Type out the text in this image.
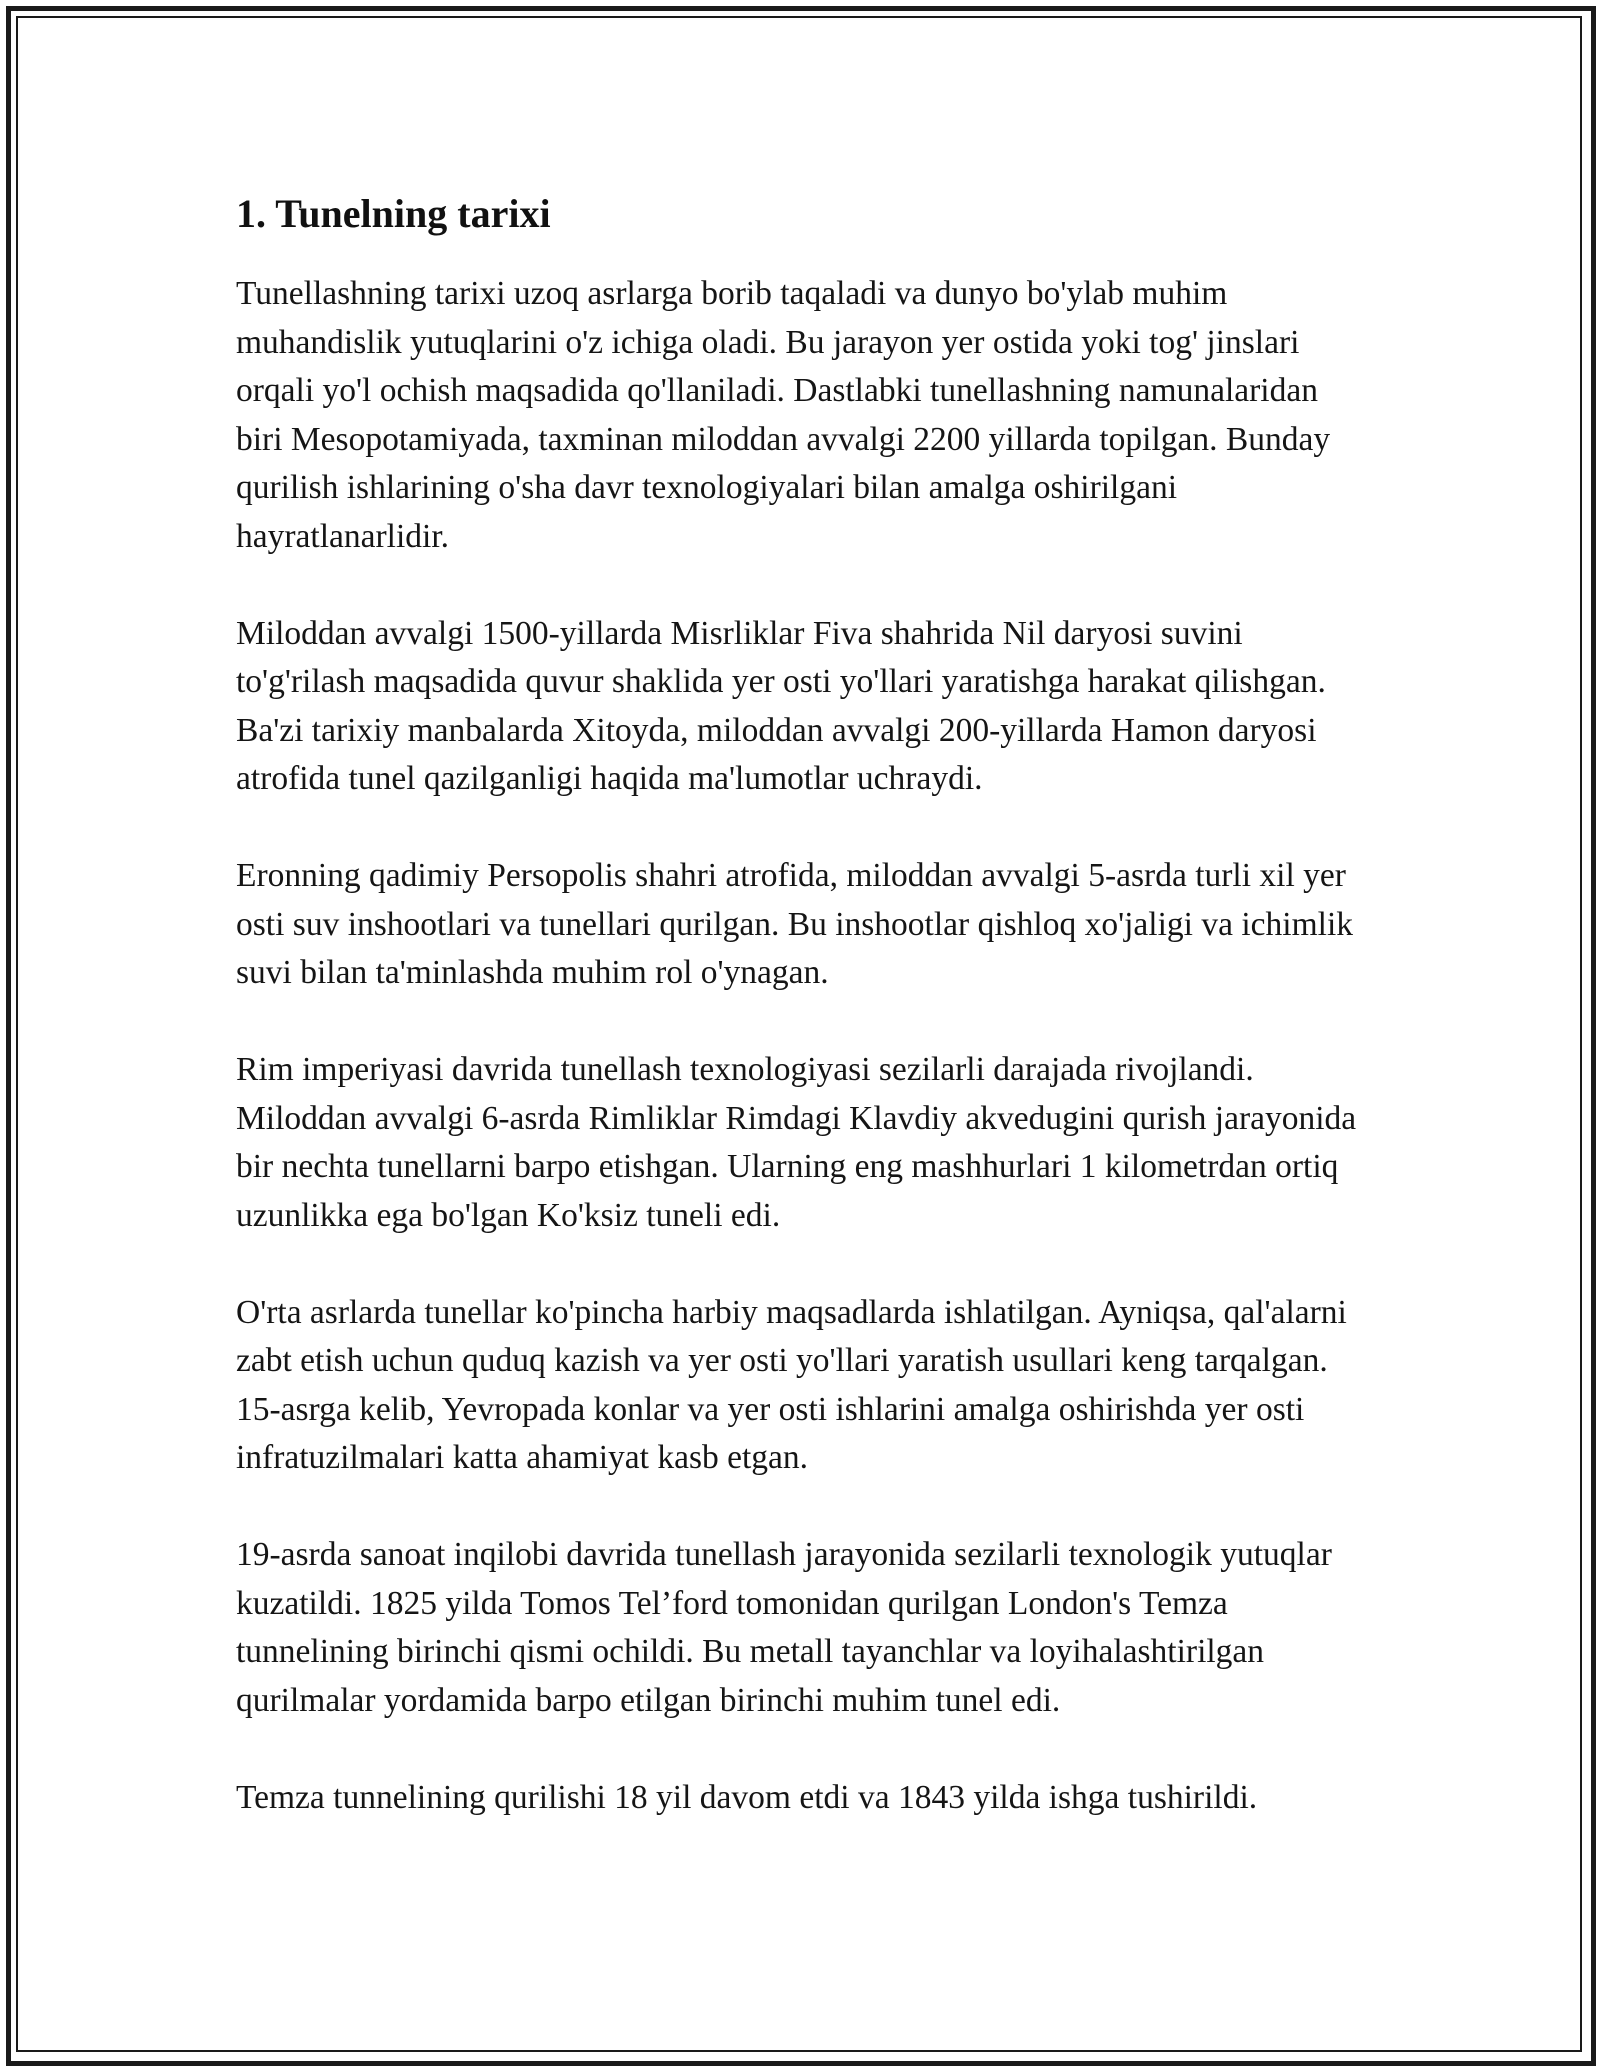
1. Tunelning tarixi

Tunellashning tarixi uzoq asrlarga borib taqaladi va dunyo bo'ylab muhim muhandislik yutuqlarini o'z ichiga oladi. Bu jarayon yer ostida yoki tog' jinslari orqali yo'l ochish maqsadida qo'llaniladi. Dastlabki tunellashning namunalaridan biri Mesopotamiyada, taxminan miloddan avvalgi 2200 yillarda topilgan. Bunday qurilish ishlarining o'sha davr texnologiyalari bilan amalga oshirilgani hayratlanarlidir.

Miloddan avvalgi 1500-yillarda Misrliklar Fiva shahrida Nil daryosi suvini to'g'rilash maqsadida quvur shaklida yer osti yo'llari yaratishga harakat qilishgan. Ba'zi tarixiy manbalarda Xitoyda, miloddan avvalgi 200-yillarda Hamon daryosi atrofida tunel qazilganligi haqida ma'lumotlar uchraydi.

Eronning qadimiy Persopolis shahri atrofida, miloddan avvalgi 5-asrda turli xil yer osti suv inshootlari va tunellari qurilgan. Bu inshootlar qishloq xo'jaligi va ichimlik suvi bilan ta'minlashda muhim rol o'ynagan.

Rim imperiyasi davrida tunellash texnologiyasi sezilarli darajada rivojlandi. Miloddan avvalgi 6-asrda Rimliklar Rimdagi Klavdiy akvedugini qurish jarayonida bir nechta tunellarni barpo etishgan. Ularning eng mashhurlari 1 kilometrdan ortiq uzunlikka ega bo'lgan Ko'ksiz tuneli edi.

O'rta asrlarda tunellar ko'pincha harbiy maqsadlarda ishlatilgan. Ayniqsa, qal'alarni zabt etish uchun quduq kazish va yer osti yo'llari yaratish usullari keng tarqalgan. 15-asrga kelib, Yevropada konlar va yer osti ishlarini amalga oshirishda yer osti infratuzilmalari katta ahamiyat kasb etgan.

19-asrda sanoat inqilobi davrida tunellash jarayonida sezilarli texnologik yutuqlar kuzatildi. 1825 yilda Tomos Tel’ford tomonidan qurilgan London's Temza tunnelining birinchi qismi ochildi. Bu metall tayanchlar va loyihalashtirilgan qurilmalar yordamida barpo etilgan birinchi muhim tunel edi.

Temza tunnelining qurilishi 18 yil davom etdi va 1843 yilda ishga tushirildi.
